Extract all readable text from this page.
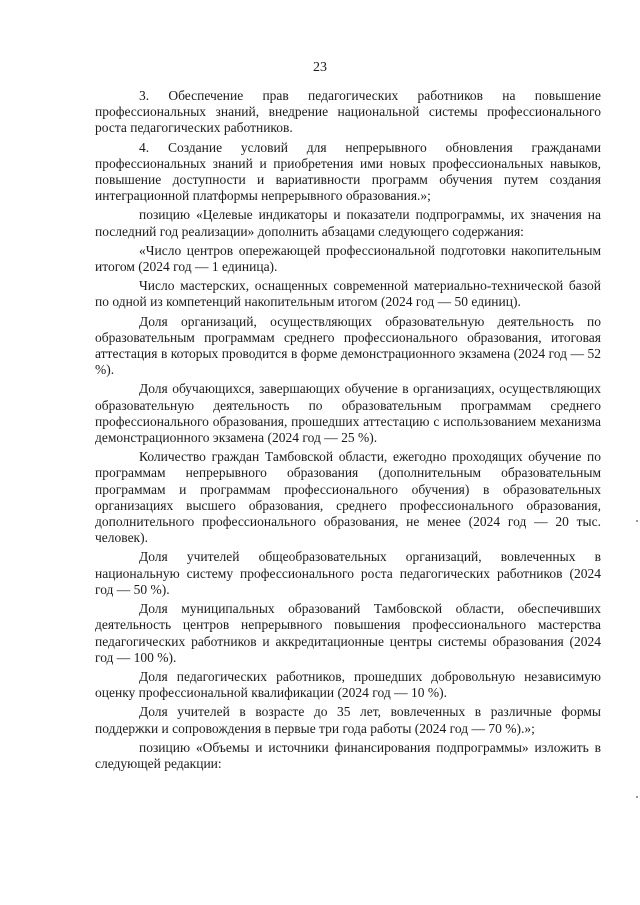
23

3. Обеспечение прав педагогических работников на повышение профессиональных знаний, внедрение национальной системы профессионального роста педагогических работников.

4. Создание условий для непрерывного обновления гражданами профессиональных знаний и приобретения ими новых профессиональных навыков, повышение доступности и вариативности программ обучения путем создания интеграционной платформы непрерывного образования.»;

позицию «Целевые индикаторы и показатели подпрограммы, их значения на последний год реализации» дополнить абзацами следующего содержания:

«Число центров опережающей профессиональной подготовки накопительным итогом (2024 год — 1 единица).

Число мастерских, оснащенных современной материально-технической базой по одной из компетенций накопительным итогом (2024 год — 50 единиц).

Доля организаций, осуществляющих образовательную деятельность по образовательным программам среднего профессионального образования, итоговая аттестация в которых проводится в форме демонстрационного экзамена (2024 год — 52 %).

Доля обучающихся, завершающих обучение в организациях, осуществляющих образовательную деятельность по образовательным программам среднего профессионального образования, прошедших аттестацию с использованием механизма демонстрационного экзамена (2024 год — 25 %).

Количество граждан Тамбовской области, ежегодно проходящих обучение по программам непрерывного образования (дополнительным образовательным программам и программам профессионального обучения) в образовательных организациях высшего образования, среднего профессионального образования, дополнительного профессионального образования, не менее (2024 год — 20 тыс. человек).

Доля учителей общеобразовательных организаций, вовлеченных в национальную систему профессионального роста педагогических работников (2024 год — 50 %).

Доля муниципальных образований Тамбовской области, обеспечивших деятельность центров непрерывного повышения профессионального мастерства педагогических работников и аккредитационные центры системы образования (2024 год — 100 %).

Доля педагогических работников, прошедших добровольную независимую оценку профессиональной квалификации (2024 год — 10 %).

Доля учителей в возрасте до 35 лет, вовлеченных в различные формы поддержки и сопровождения в первые три года работы (2024 год — 70 %).»;

позицию «Объемы и источники финансирования подпрограммы» изложить в следующей редакции:
